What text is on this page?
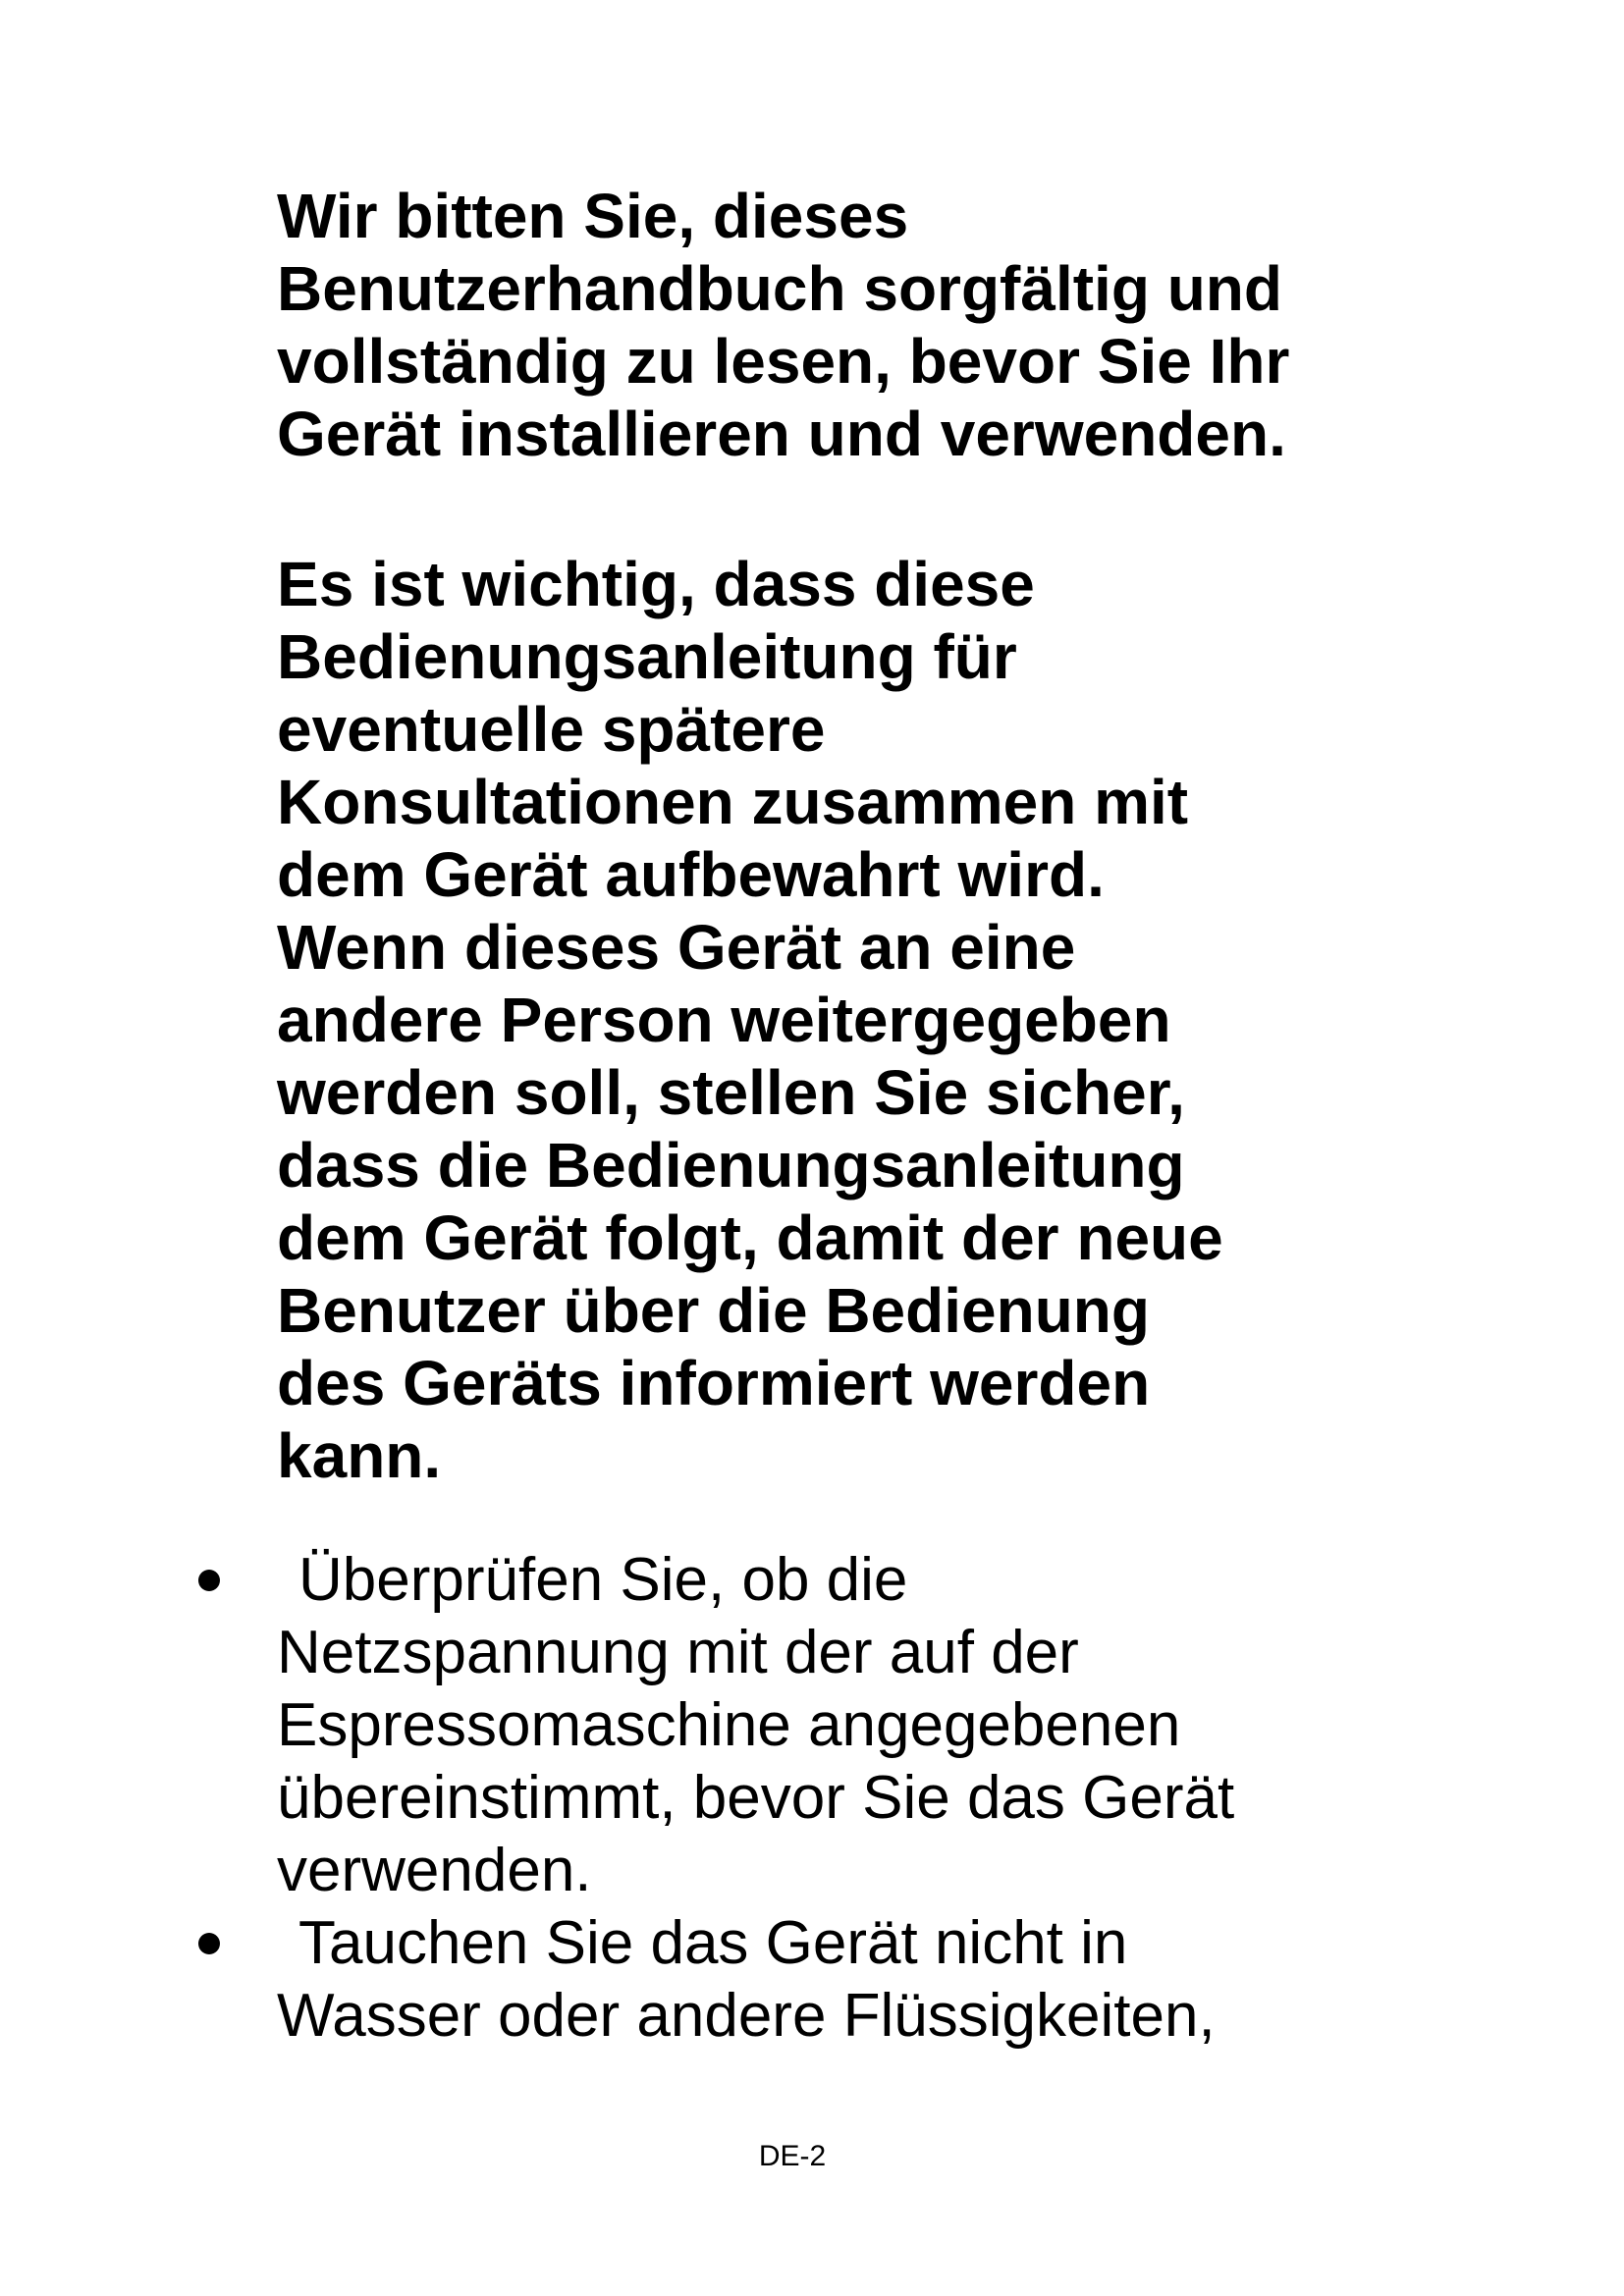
Wir bitten Sie, dieses
Benutzerhandbuch sorgfältig und
vollständig zu lesen, bevor Sie Ihr
Gerät installieren und verwenden.

Es ist wichtig, dass diese
Bedienungsanleitung für
eventuelle spätere
Konsultationen zusammen mit
dem Gerät aufbewahrt wird.
Wenn dieses Gerät an eine
andere Person weitergegeben
werden soll, stellen Sie sicher,
dass die Bedienungsanleitung
dem Gerät folgt, damit der neue
Benutzer über die Bedienung
des Geräts informiert werden
kann.

Überprüfen Sie, ob die
Netzspannung mit der auf der
Espressomaschine angegebenen
übereinstimmt, bevor Sie das Gerät
verwenden.
Tauchen Sie das Gerät nicht in
Wasser oder andere Flüssigkeiten,
DE-2
